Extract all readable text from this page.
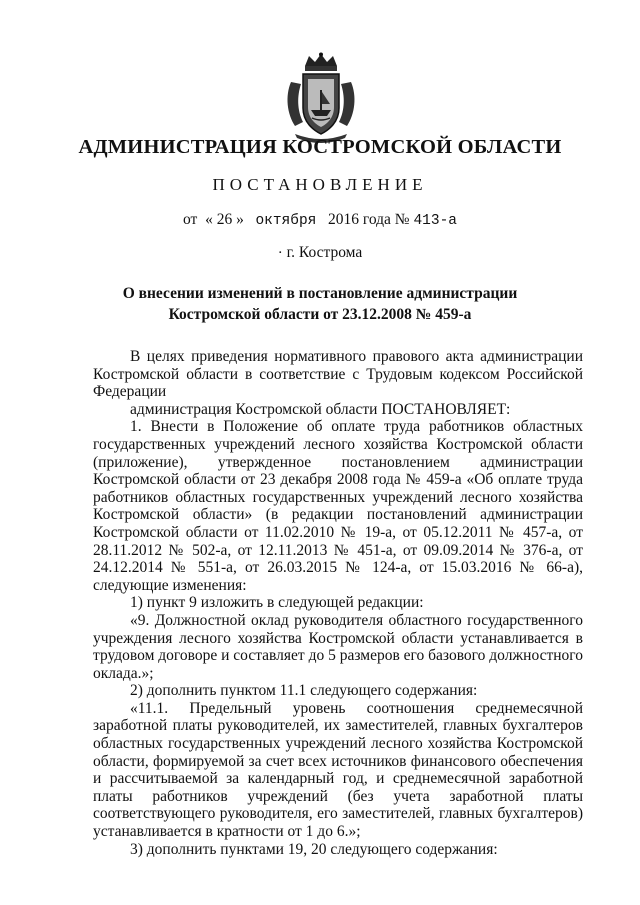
АДМИНИСТРАЦИЯ КОСТРОМСКОЙ ОБЛАСТИ
ПОСТАНОВЛЕНИЕ
от « 26 » октября 2016 года № 413-а
· г. Кострома
О внесении изменений в постановление администрации
Костромской области от 23.12.2008 № 459-а

В целях приведения нормативного правового акта администрации Костромской области в соответствие с Трудовым кодексом Российской Федерации

администрация Костромской области ПОСТАНОВЛЯЕТ:

1. Внести в Положение об оплате труда работников областных государственных учреждений лесного хозяйства Костромской области (приложение), утвержденное постановлением администрации Костромской области от 23 декабря 2008 года № 459-а «Об оплате труда работников областных государственных учреждений лесного хозяйства Костромской области» (в редакции постановлений администрации Костромской области от 11.02.2010 № 19-а, от 05.12.2011 № 457-а, от 28.11.2012 № 502-а, от 12.11.2013 № 451-а, от 09.09.2014 № 376-а, от 24.12.2014 № 551-а, от 26.03.2015 № 124-а, от 15.03.2016 № 66-а), следующие изменения:

1) пункт 9 изложить в следующей редакции:

«9. Должностной оклад руководителя областного государственного учреждения лесного хозяйства Костромской области устанавливается в трудовом договоре и составляет до 5 размеров его базового должностного оклада.»;

2) дополнить пунктом 11.1 следующего содержания:

«11.1. Предельный уровень соотношения среднемесячной заработной платы руководителей, их заместителей, главных бухгалтеров областных государственных учреждений лесного хозяйства Костромской области, формируемой за счет всех источников финансового обеспечения и рассчитываемой за календарный год, и среднемесячной заработной платы работников учреждений (без учета заработной платы соответствующего руководителя, его заместителей, главных бухгалтеров) устанавливается в кратности от 1 до 6.»;

3) дополнить пунктами 19, 20 следующего содержания:
